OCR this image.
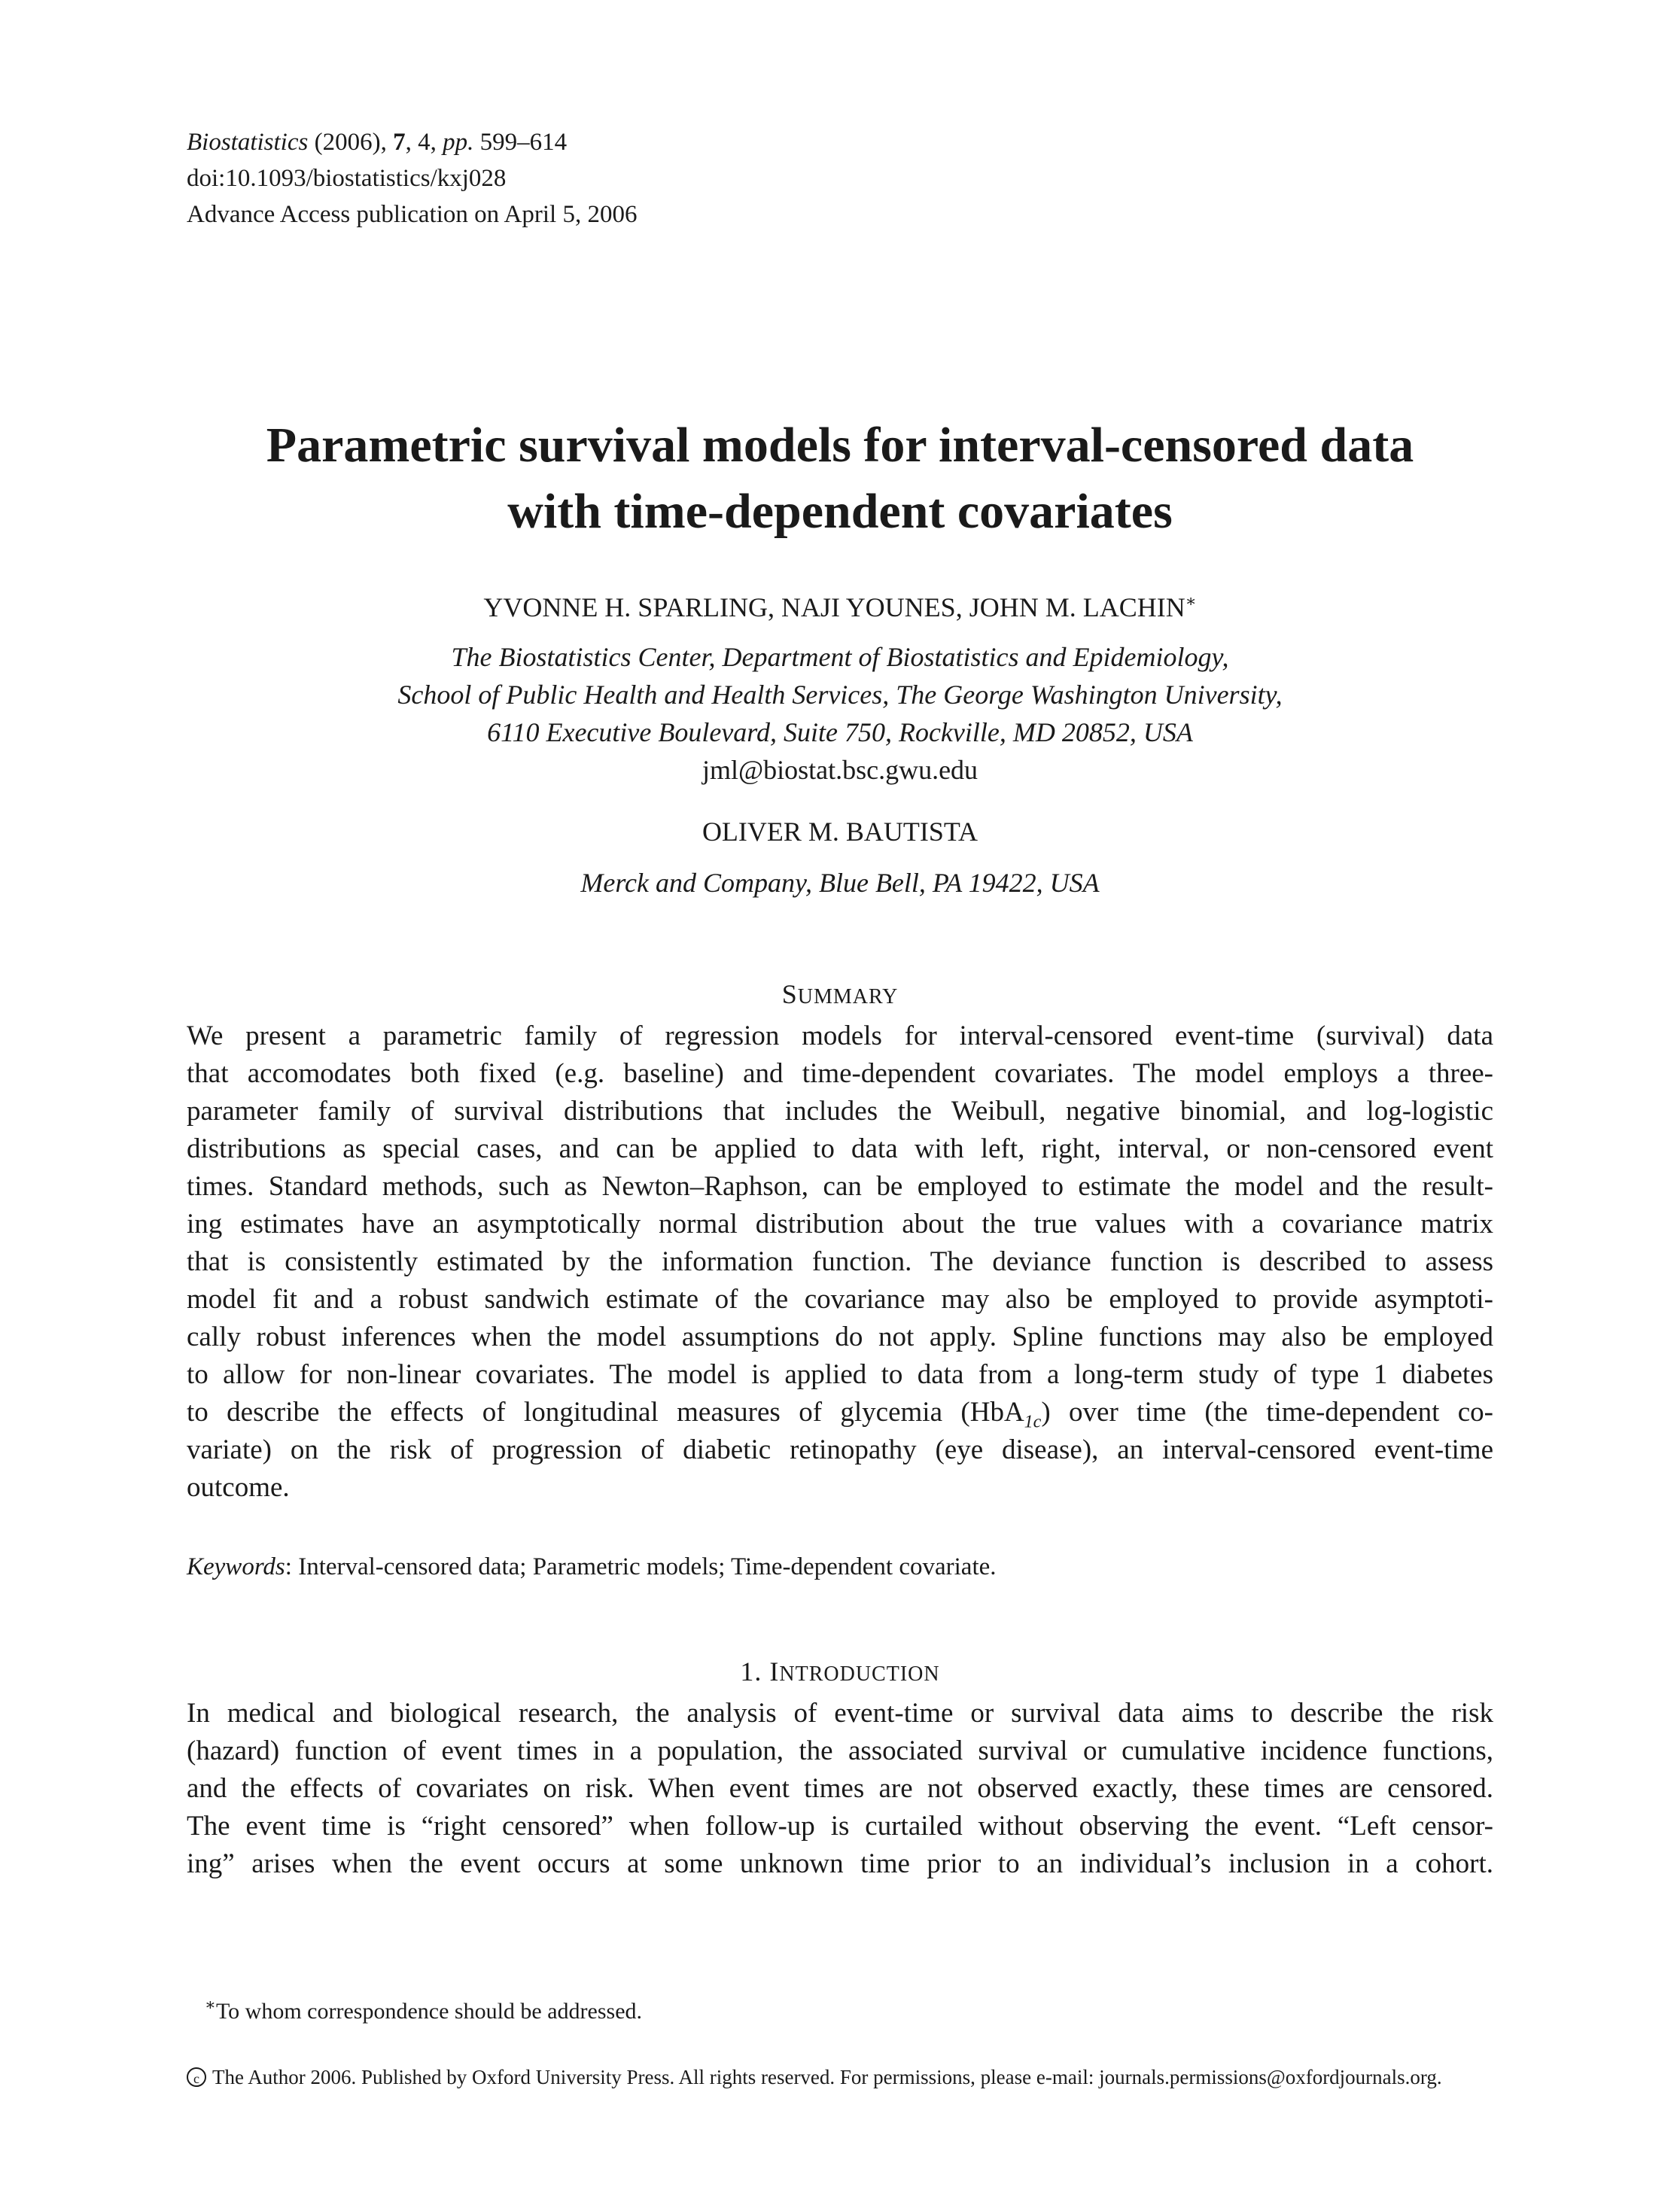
Biostatistics (2006), 7, 4, pp. 599–614
doi:10.1093/biostatistics/kxj028
Advance Access publication on April 5, 2006
Parametric survival models for interval-censored data
with time-dependent covariates
YVONNE H. SPARLING, NAJI YOUNES, JOHN M. LACHIN∗
The Biostatistics Center, Department of Biostatistics and Epidemiology,
School of Public Health and Health Services, The George Washington University,
6110 Executive Boulevard, Suite 750, Rockville, MD 20852, USA
jml@biostat.bsc.gwu.edu
OLIVER M. BAUTISTA
Merck and Company, Blue Bell, PA 19422, USA
SUMMARY
We present a parametric family of regression models for interval-censored event-time (survival) data
that accomodates both fixed (e.g. baseline) and time-dependent covariates. The model employs a three-
parameter family of survival distributions that includes the Weibull, negative binomial, and log-logistic
distributions as special cases, and can be applied to data with left, right, interval, or non-censored event
times. Standard methods, such as Newton–Raphson, can be employed to estimate the model and the result-
ing estimates have an asymptotically normal distribution about the true values with a covariance matrix
that is consistently estimated by the information function. The deviance function is described to assess
model fit and a robust sandwich estimate of the covariance may also be employed to provide asymptoti-
cally robust inferences when the model assumptions do not apply. Spline functions may also be employed
to allow for non-linear covariates. The model is applied to data from a long-term study of type 1 diabetes
to describe the effects of longitudinal measures of glycemia (HbA$_{1c}$) over time (the time-dependent co-
variate) on the risk of progression of diabetic retinopathy (eye disease), an interval-censored event-time
outcome.
Keywords: Interval-censored data; Parametric models; Time-dependent covariate.
1. INTRODUCTION
In medical and biological research, the analysis of event-time or survival data aims to describe the risk
(hazard) function of event times in a population, the associated survival or cumulative incidence functions,
and the effects of covariates on risk. When event times are not observed exactly, these times are censored.
The event time is “right censored” when follow-up is curtailed without observing the event. “Left censor-
ing” arises when the event occurs at some unknown time prior to an individual’s inclusion in a cohort.
∗To whom correspondence should be addressed.
c The Author 2006. Published by Oxford University Press. All rights reserved. For permissions, please e-mail: journals.permissions@oxfordjournals.org.
